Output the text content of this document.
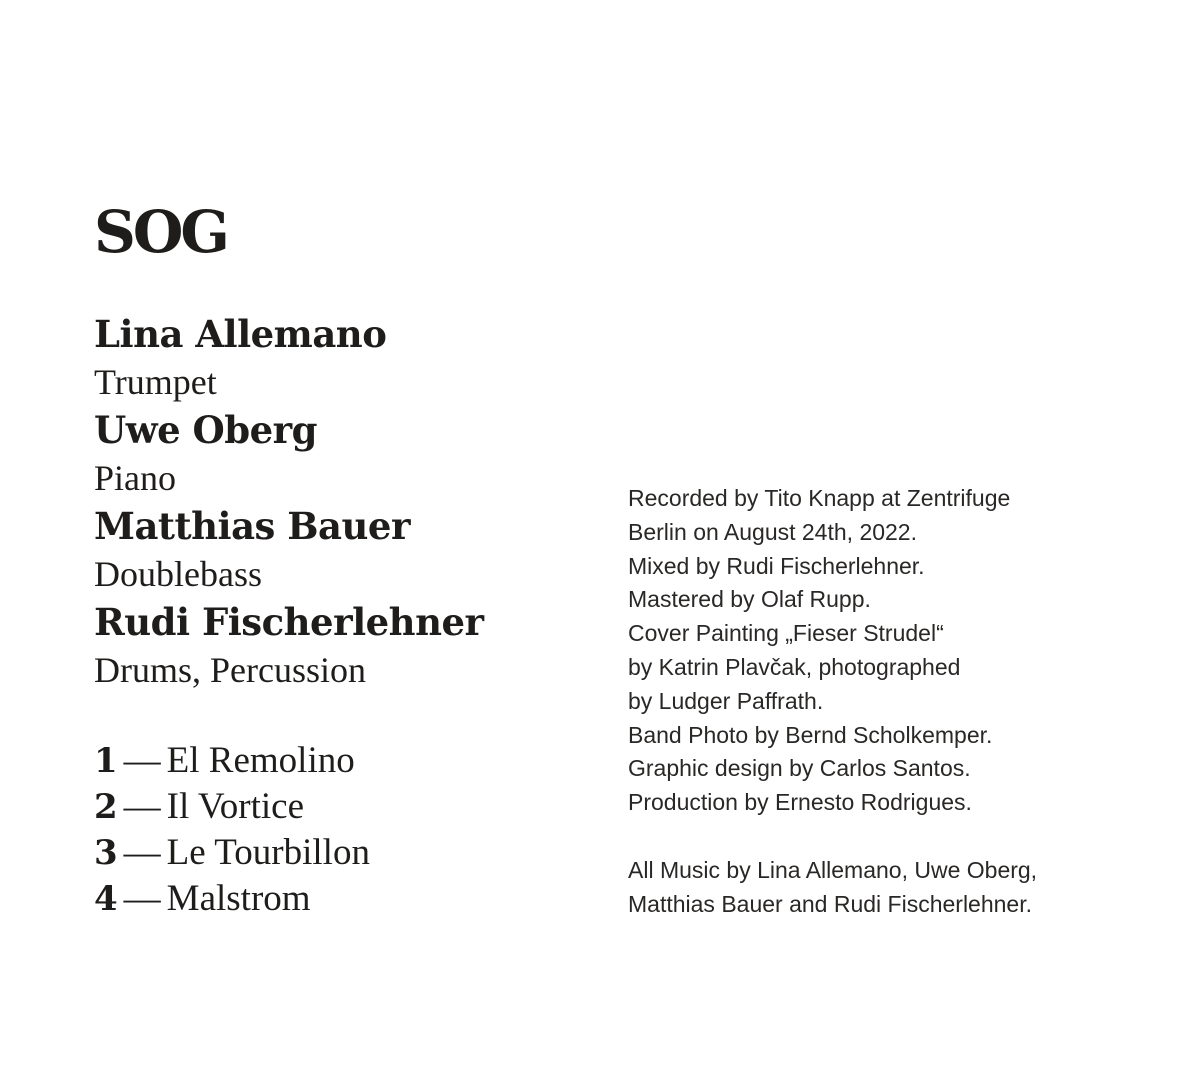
SOG
Lina Allemano
Trumpet
Uwe Oberg
Piano
Matthias Bauer
Doublebass
Rudi Fischerlehner
Drums, Percussion
1 — El Remolino
2 — Il Vortice
3 — Le Tourbillon
4 — Malstrom
Recorded by Tito Knapp at Zentrifuge
Berlin on August 24th, 2022.
Mixed by Rudi Fischerlehner.
Mastered by Olaf Rupp.
Cover Painting „Fieser Strudel“
by Katrin Plavčak, photographed
by Ludger Paffrath.
Band Photo by Bernd Scholkemper.
Graphic design by Carlos Santos.
Production by Ernesto Rodrigues.
All Music by Lina Allemano, Uwe Oberg,
Matthias Bauer and Rudi Fischerlehner.
